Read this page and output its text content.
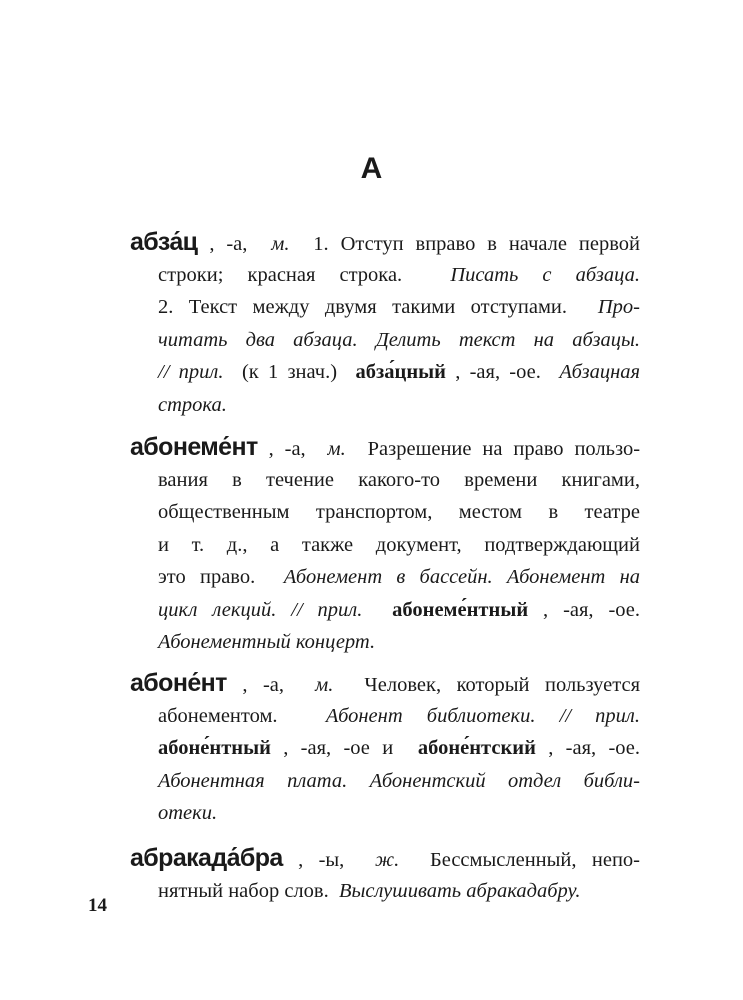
А
абза́ц , -а,  м.  1. Отступ вправо в начале первой
строки; красная строка.  Писать с абзаца.
2. Текст между двумя такими отступами.  Про-
читать два абзаца. Делить текст на абзацы.
// прил.  (к 1 знач.)  абза́цный , -ая, -ое.  Абзацная
строка.
абонеме́нт , -а,  м.  Разрешение на право пользо-
вания в течение какого-то времени книгами,
общественным транспортом, местом в театре
и т. д., а также документ, подтверждающий
это право.  Абонемент в бассейн. Абонемент на
цикл лекций. // прил.  абонеме́нтный , -ая, -ое.
Абонементный концерт.
абоне́нт , -а,  м.  Человек, который пользуется
абонементом.  Абонент библиотеки. // прил.
абоне́нтный , -ая, -ое и  абоне́нтский , -ая, -ое.
Абонентная плата. Абонентский отдел библи-
отеки.
абракада́бра , -ы,  ж.  Бессмысленный, непо-
нятный набор слов.  Выслушивать абракадабру.
14
